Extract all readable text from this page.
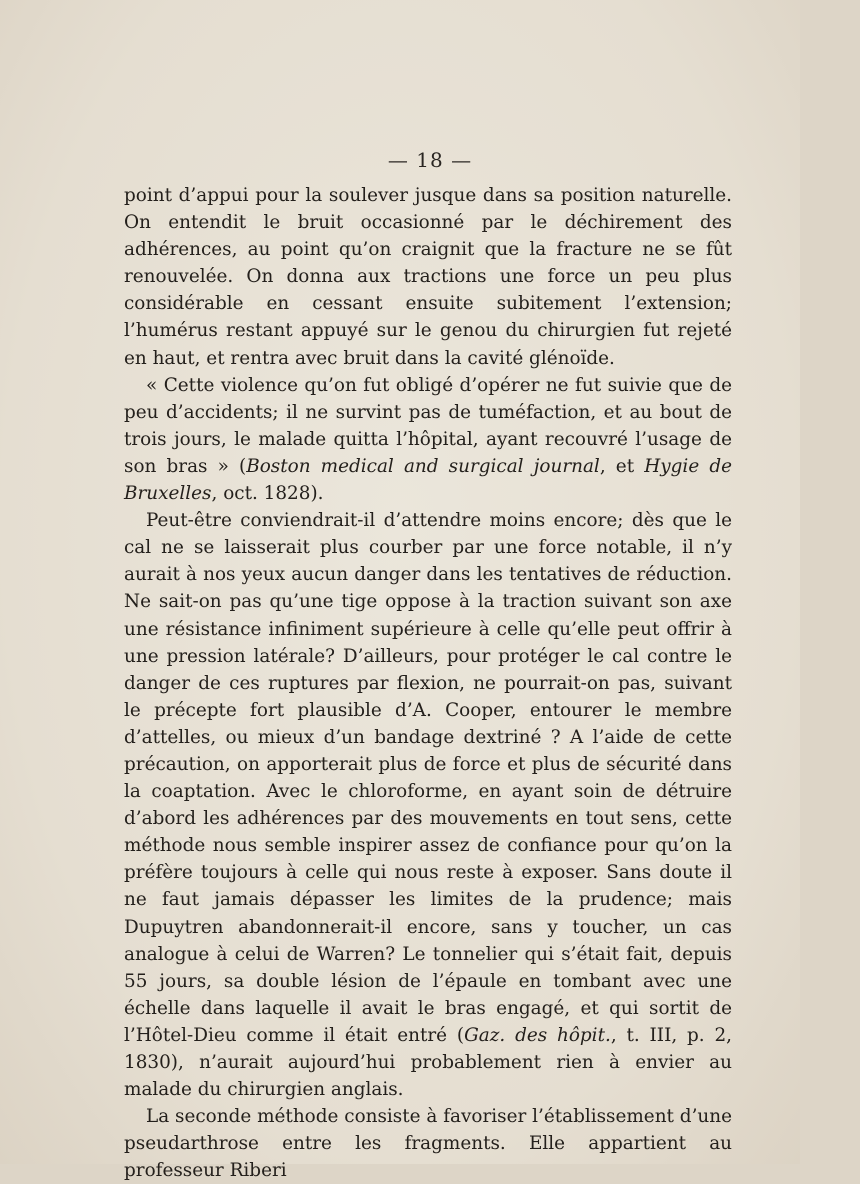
— 18 —

point d’appui pour la soulever jusque dans sa position naturelle. On entendit le bruit occasionné par le déchirement des adhérences, au point qu’on craignit que la fracture ne se fût renouvelée. On donna aux tractions une force un peu plus considérable en cessant ensuite subitement l’extension; l’humérus restant appuyé sur le genou du chirurgien fut rejeté en haut, et rentra avec bruit dans la cavité glénoïde.

« Cette violence qu’on fut obligé d’opérer ne fut suivie que de peu d’accidents; il ne survint pas de tuméfaction, et au bout de trois jours, le malade quitta l’hôpital, ayant recouvré l’usage de son bras » (Boston medical and surgical journal, et Hygie de Bruxelles, oct. 1828).

Peut-être conviendrait-il d’attendre moins encore; dès que le cal ne se laisserait plus courber par une force notable, il n’y aurait à nos yeux aucun danger dans les tentatives de réduction. Ne sait-on pas qu’une tige oppose à la traction suivant son axe une résistance infiniment supérieure à celle qu’elle peut offrir à une pression latérale? D’ailleurs, pour protéger le cal contre le danger de ces ruptures par flexion, ne pourrait-on pas, suivant le précepte fort plausible d’A. Cooper, entourer le membre d’attelles, ou mieux d’un bandage dextriné ? A l’aide de cette précaution, on apporterait plus de force et plus de sécurité dans la coaptation. Avec le chloroforme, en ayant soin de détruire d’abord les adhérences par des mouvements en tout sens, cette méthode nous semble inspirer assez de confiance pour qu’on la préfère toujours à celle qui nous reste à exposer. Sans doute il ne faut jamais dépasser les limites de la prudence; mais Dupuytren abandonnerait-il encore, sans y toucher, un cas analogue à celui de Warren? Le tonnelier qui s’était fait, depuis 55 jours, sa double lésion de l’épaule en tombant avec une échelle dans laquelle il avait le bras engagé, et qui sortit de l’Hôtel-Dieu comme il était entré (Gaz. des hôpit., t. III, p. 2, 1830), n’aurait aujourd’hui probablement rien à envier au malade du chirurgien anglais.

La seconde méthode consiste à favoriser l’établissement d’une pseudarthrose entre les fragments. Elle appartient au professeur Riberi
